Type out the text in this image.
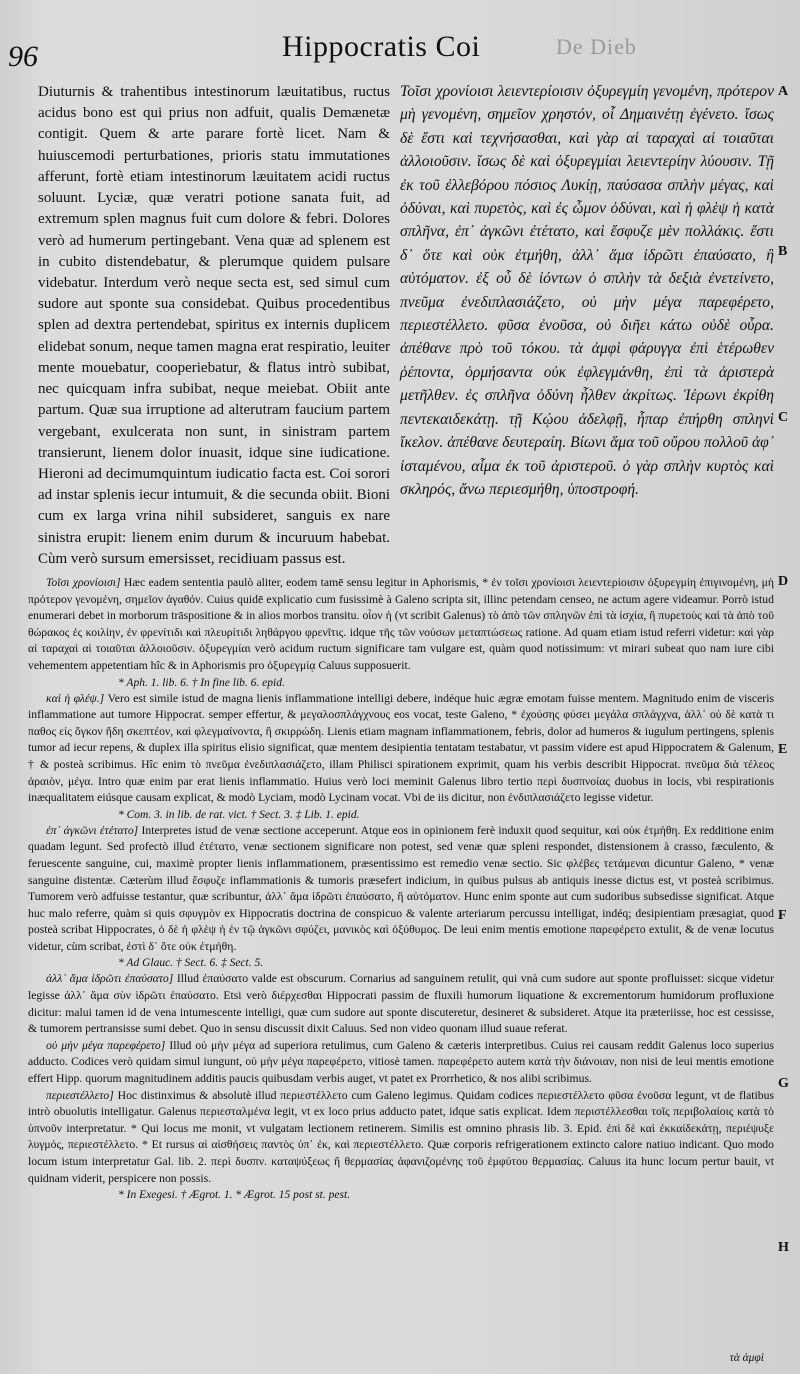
96	Hippocratis Coi	De Dieb
Diuturnis & trahentibus intestinorum læuitatibus, ructus acidus bono est qui prius non adfuit, qualis Demænetæ contigit. Quem & arte parare fortè licet. Nam & huiuscemodi perturbationes, prioris statu immutationes afferunt, fortè etiam intestinorum læuitatem acidi ructus soluunt. Lyciæ, quæ veratri potione sanata fuit, ad extremum splen magnus fuit cum dolore & febri. Dolores verò ad humerum pertingebant. Vena quæ ad splenem est in cubito distendebatur, & plerumque quidem pulsare videbatur. Interdum verò neque secta est, sed simul cum sudore aut sponte sua considebat. Quibus procedentibus splen ad dextra pertendebat, spiritus ex internis duplicem elidebat sonum, neque tamen magna erat respiratio, leuiter mente mouebatur, cooperiebatur, & flatus intrò subibat, nec quicquam infra subibat, neque meiebat. Obiit ante partum. Quæ sua irruptione ad alterutram faucium partem vergebant, exulcerata non sunt, in sinistram partem transierunt, lienem dolor inuasit, idque sine iudicatione. Hieroni ad decimumquintum iudicatio facta est. Coi sorori ad instar splenis iecur intumuit, & die secunda obiit. Bioni cum ex larga vrina nihil subsideret, sanguis ex nare sinistra erupit: lienem enim durum & incuruum habebat. Cùm verò sursum emersisset, recidiuam passus est.
Τοῖσι χρονίοισι λειεντερίοισιν ὀξυρεγμίη γενομένη, πρότερον μὴ γενομένη, σημεῖον χρηστόν, οἷ Δημαινέτῃ ἐγένετο. ἴσως δὲ ἔστι καὶ τεχνήσασθαι, καὶ γὰρ αἱ ταραχαὶ αἱ τοιαῦται ἀλλοιοῦσιν. ἴσως δὲ καὶ ὀξυρεγμίαι λειεντερίην λύουσιν. Τῇ ἐκ τοῦ ἐλλεβόρου πόσιος Λυκίῃ, παύσασα σπλὴν μέγας, καὶ ὀδύναι, καὶ πυρετὸς, καὶ ἐς ὦμον ὀδύναι, καὶ ἡ φλὲψ ἡ κατὰ σπλῆνα, ἐπ᾽ ἀγκῶνι ἐτέτατο, καὶ ἔσφυζε μὲν πολλάκις. ἔστι δ᾽ ὅτε καὶ οὐκ ἐτμήθη, ἀλλ᾽ ἅμα ἱδρῶτι ἐπαύσατο, ἢ αὐτόματον. ἐξ οὗ δὲ ἰόντων ὁ σπλὴν τὰ δεξιὰ ἐνετείνετο, πνεῦμα ἐνεδιπλασιάζετο, οὐ μὴν μέγα παρεφέρετο, περιεστέλλετο. φῦσα ἐνοῦσα, οὐ διῆει κάτω οὐδὲ οὖρα. ἀπέθανε πρὸ τοῦ τόκου. τὰ ἀμφὶ φάρυγγα ἐπὶ ἑτέρωθεν ῥέποντα, ὁρμήσαντα οὐκ ἐφλεγμάνθη, ἐπὶ τὰ ἀριστερὰ μετῆλθεν. ἐς σπλῆνα ὀδύνη ἦλθεν ἀκρίτως. Ἱέρωνι ἐκρίθη πεντεκαιδεκάτῃ. τῇ Κῴου ἀδελφῇ, ἧπαρ ἐπήρθη σπληνὶ ἴκελον. ἀπέθανε δευτεραίη. Βίωνι ἅμα τοῦ οὔρου πολλοῦ ἀφ᾽ ἱσταμένου, αἷμα ἐκ τοῦ ἀριστεροῦ. ὁ γὰρ σπλὴν κυρτὸς καὶ σκληρός, ἄνω περιεσμήθη, ὑποστροφή.
A
B
C
D
E
F
G
H

Τοῖσι χρονίοισι] Hæc eadem sententia paulò aliter, eodem tamē sensu legitur in Aphorismis, * ἐν τοῖσι χρονίοισι λειεντερίοισιν ὀξυρεγμίη ἐπιγινομένη, μὴ πρότερον γενομένη, σημεῖον ἀγαθόν. Cuius quidē explicatio cum fusissimè à Galeno scripta sit, illinc petendam censeo, ne actum agere videamur. Porrò istud enumerari debet in morborum trāspositione & in alios morbos transitu. οἷον ἡ (vt scribit Galenus) τὸ ἀπὸ τῶν σπληνῶν ἐπὶ τὰ ἰσχία, ἢ πυρετοὺς καὶ τὰ ἀπὸ τοῦ θώρακος ἐς κοιλίην, ἐν φρενίτιδι καὶ πλευρίτιδι ληθάργου φρενῖτις. idque τῆς τῶν νούσων μεταπτώσεως ratione. Ad quam etiam istud referri videtur: καὶ γὰρ αἱ ταραχαὶ αἱ τοιαῦται ἀλλοιοῦσιν. ὀξυρεγμίαι verò acidum ructum significare tam vulgare est, quàm quod notissimum: vt mirari subeat quo nam iure cibi vehementem appetentiam hîc & in Aphorismis pro ὀξυρεγμίᾳ Caluus supposuerit.

* Aph. 1. lib. 6. † In fine lib. 6. epid.

καὶ ἡ φλέψ.] Vero est simile istud de magna lienis inflammatione intelligi debere, indéque huic ægræ emotam fuisse mentem. Magnitudo enim de visceris inflammatione aut tumore Hippocrat. semper effertur, & μεγαλοσπλάγχνους eos vocat, teste Galeno, * ἐχούσης φύσει μεγάλα σπλάγχνα, ἀλλ᾽ οὐ δὲ κατὰ τι παθος εἰς ὄγκον ἤδη σκεπτέον, καὶ φλεγμαίνοντα, ἢ σκιρρώδη. Lienis etiam magnam inflammationem, febris, dolor ad humeros & iugulum pertingens, splenis tumor ad iecur repens, & duplex illa spiritus elisio significat, quæ mentem desipientia tentatam testabatur, vt passim videre est apud Hippocratem & Galenum, † & posteà scribimus. Hîc enim τὸ πνεῦμα ἐνεδιπλασιάζετο, illam Philisci spirationem exprimit, quam his verbis describit Hippocrat. πνεῦμα διὰ τέλεος ἀραιὸν, μέγα. Intro quæ enim par erat lienis inflammatio. Huius verò loci meminit Galenus libro tertio περὶ δυσπνοίας duobus in locis, vbi respirationis inæqualitatem eiúsque causam explicat, & modò Lyciam, modò Lycinam vocat. Vbi de iis dicitur, non ἐνδιπλασιάζετο legisse videtur.

* Com. 3. in lib. de rat. vict. † Sect. 3. ‡ Lib. 1. epid.

ἐπ᾽ ἀγκῶνι ἐτέτατο] Interpretes istud de venæ sectione acceperunt. Atque eos in opinionem ferè induxit quod sequitur, καὶ οὐκ ἐτμήθη. Ex redditione enim quadam legunt. Sed profectò illud ἐτέτατο, venæ sectionem significare non potest, sed venæ quæ spleni respondet, distensionem à crasso, fæculento, & feruescente sanguine, cui, maximè propter lienis inflammationem, præsentissimo est remedio venæ sectio. Sic φλέβες τετάμεναι dicuntur Galeno, * venæ sanguine distentæ. Cæterùm illud ἔσφυζε inflammationis & tumoris præsefert indicium, in quibus pulsus ab antiquis inesse dictus est, vt posteà scribimus. Tumorem verò adfuisse testantur, quæ scribuntur, ἀλλ᾽ ἅμα ἱδρῶτι ἐπαύσατο, ἢ αὐτόματον. Hunc enim sponte aut cum sudoribus subsedisse significat. Atque huc malo referre, quàm si quis σφυγμὸν ex Hippocratis doctrina de conspicuo & valente arteriarum percussu intelligat, indéq; desipientiam præsagiat, quod posteà scribat Hippocrates, ὁ δὲ ἡ φλὲψ ἡ ἐν τῷ ἀγκῶνι σφύζει, μανικὸς καὶ ὀξύθυμος. De leui enim mentis emotione παρεφέρετο extulit, & de venæ locutus videtur, cùm scribat, ἐστὶ δ᾽ ὅτε οὐκ ἐτμήθη.

* Ad Glauc. † Sect. 6. ‡ Sect. 5.

ἀλλ᾽ ἅμα ἱδρῶτι ἐπαύσατο] Illud ἐπαύσατο valde est obscurum. Cornarius ad sanguinem retulit, qui vnà cum sudore aut sponte profluisset: sicque videtur legisse ἀλλ᾽ ἅμα σὺν ἱδρῶτι ἐπαύσατο. Etsi verò διέρχεσθαι Hippocrati passim de fluxili humorum liquatione & excrementorum humidorum profluxione dicitur: malui tamen id de vena intumescente intelligi, quæ cum sudore aut sponte discuteretur, desineret & subsideret. Atque ita præteriisse, hoc est cessisse, & tumorem pertransisse sumi debet. Quo in sensu discussit dixit Caluus. Sed non video quonam illud suaue referat.

οὐ μὴν μέγα παρεφέρετο] Illud οὐ μὴν μέγα ad superiora retulimus, cum Galeno & cæteris interpretibus. Cuius rei causam reddit Galenus loco superius adducto. Codices verò quidam simul iungunt, οὐ μὴν μέγα παρεφέρετο, vitiosè tamen. παρεφέρετο autem κατὰ τὴν διάνοιαν, non nisi de leui mentis emotione effert Hipp. quorum magnitudinem additis paucis quibusdam verbis auget, vt patet ex Prorrhetico, & nos alibi scribimus.

περιεστέλλετο] Hoc distinximus & absolutè illud περιεστέλλετο cum Galeno legimus. Quidam codices περιεστέλλετο φῦσα ἐνοῦσα legunt, vt de flatibus intrò obuolutis intelligatur. Galenus περιεσταλμένα legit, vt ex loco prius adducto patet, idque satis explicat. Idem περιστέλλεσθαι τοῖς περιβολαίοις κατὰ τὸ ὑπνοῦν interpretatur. * Qui locus me monit, vt vulgatam lectionem retinerem. Similis est omnino phrasis lib. 3. Epid. ἐπὶ δὲ καὶ ἐκκαίδεκάτῃ, περιέψυξε λυγμός, περιεστέλλετο. * Et rursus αἱ αἰσθήσεις παντὸς ὑπ᾽ ἐκ, καὶ περιεστέλλετο. Quæ corporis refrigerationem extincto calore natiuo indicant. Quo modo locum istum interpretatur Gal. lib. 2. περὶ δυσπν. καταψύξεως ἢ θερμασίας ἀφανιζομένης τοῦ ἐμφύτου θερμασίας. Caluus ita hunc locum pertur bauit, vt quidnam viderit, perspicere non possis.

* In Exegesi. † Ægrot. 1. * Ægrot. 15 post st. pest.

τὰ ἀμφὶ
